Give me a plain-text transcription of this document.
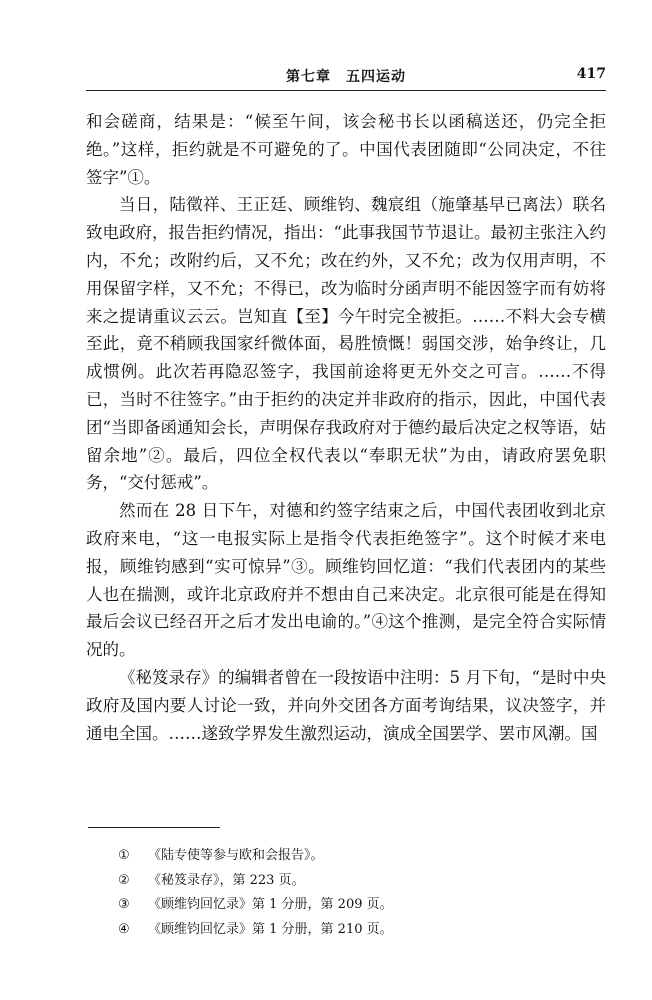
第七章　五四运动	417

和会磋商，结果是：“候至午间，该会秘书长以函稿送还，仍完全拒绝。”这样，拒约就是不可避免的了。中国代表团随即“公同决定，不往签字”①。

当日，陆徵祥、王正廷、顾维钧、魏宸组（施肇基早已离法）联名致电政府，报告拒约情况，指出：“此事我国节节退让。最初主张注入约内，不允；改附约后，又不允；改在约外，又不允；改为仅用声明，不用保留字样，又不允；不得已，改为临时分函声明不能因签字而有妨将来之提请重议云云。岂知直【至】今午时完全被拒。……不料大会专横至此，竟不稍顾我国家纤微体面，曷胜愤慨！弱国交涉，始争终让，几成惯例。此次若再隐忍签字，我国前途将更无外交之可言。……不得已，当时不往签字。”由于拒约的决定并非政府的指示，因此，中国代表团“当即备函通知会长，声明保存我政府对于德约最后决定之权等语，姑留余地”②。最后，四位全权代表以“奉职无状”为由，请政府罢免职务，“交付惩戒”。

然而在 28 日下午，对德和约签字结束之后，中国代表团收到北京政府来电，“这一电报实际上是指令代表拒绝签字”。这个时候才来电报，顾维钧感到“实可惊异”③。顾维钧回忆道：“我们代表团内的某些人也在揣测，或许北京政府并不想由自己来决定。北京很可能是在得知最后会议已经召开之后才发出电谕的。”④这个推测，是完全符合实际情况的。

《秘笈录存》的编辑者曾在一段按语中注明：5 月下旬，“是时中央政府及国内要人讨论一致，并向外交团各方面考询结果，议决签字，并通电全国。……遂致学界发生激烈运动，演成全国罢学、罢市风潮。国

①	《陆专使等参与欧和会报告》。
②	《秘笈录存》，第 223 页。
③	《顾维钧回忆录》第 1 分册，第 209 页。
④	《顾维钧回忆录》第 1 分册，第 210 页。
